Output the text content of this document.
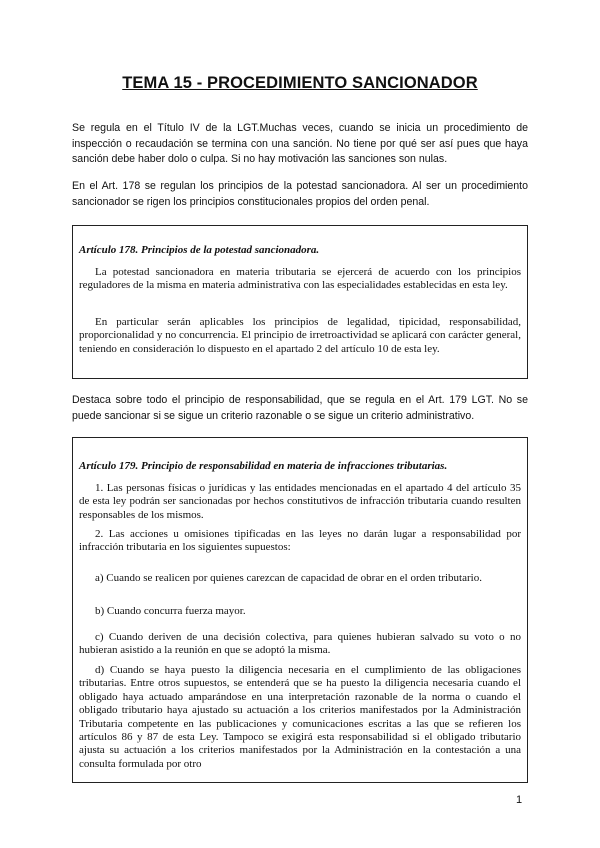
TEMA 15 - PROCEDIMIENTO SANCIONADOR

Se regula en el Título IV de la LGT.Muchas veces, cuando se inicia un procedimiento de inspección o recaudación se termina con una sanción. No tiene por qué ser así pues que haya sanción debe haber dolo o culpa. Si no hay motivación las sanciones son nulas.

En el Art. 178 se regulan los principios de la potestad sancionadora. Al ser un procedimiento sancionador se rigen los principios constitucionales propios del orden penal.

Artículo 178. Principios de la potestad sancionadora.

La potestad sancionadora en materia tributaria se ejercerá de acuerdo con los principios reguladores de la misma en materia administrativa con las especialidades establecidas en esta ley.

En particular serán aplicables los principios de legalidad, tipicidad, responsabilidad, proporcionalidad y no concurrencia. El principio de irretroactividad se aplicará con carácter general, teniendo en consideración lo dispuesto en el apartado 2 del artículo 10 de esta ley.

Destaca sobre todo el principio de responsabilidad, que se regula en el Art. 179 LGT. No se puede sancionar si se sigue un criterio razonable o se sigue un criterio administrativo.

Artículo 179. Principio de responsabilidad en materia de infracciones tributarias.

1. Las personas físicas o jurídicas y las entidades mencionadas en el apartado 4 del artículo 35 de esta ley podrán ser sancionadas por hechos constitutivos de infracción tributaria cuando resulten responsables de los mismos.

2. Las acciones u omisiones tipificadas en las leyes no darán lugar a responsabilidad por infracción tributaria en los siguientes supuestos:

a) Cuando se realicen por quienes carezcan de capacidad de obrar en el orden tributario.

b) Cuando concurra fuerza mayor.

c) Cuando deriven de una decisión colectiva, para quienes hubieran salvado su voto o no hubieran asistido a la reunión en que se adoptó la misma.

d) Cuando se haya puesto la diligencia necesaria en el cumplimiento de las obligaciones tributarias. Entre otros supuestos, se entenderá que se ha puesto la diligencia necesaria cuando el obligado haya actuado amparándose en una interpretación razonable de la norma o cuando el obligado tributario haya ajustado su actuación a los criterios manifestados por la Administración Tributaria competente en las publicaciones y comunicaciones escritas a las que se refieren los artículos 86 y 87 de esta Ley. Tampoco se exigirá esta responsabilidad si el obligado tributario ajusta su actuación a los criterios manifestados por la Administración en la contestación a una consulta formulada por otro

1
